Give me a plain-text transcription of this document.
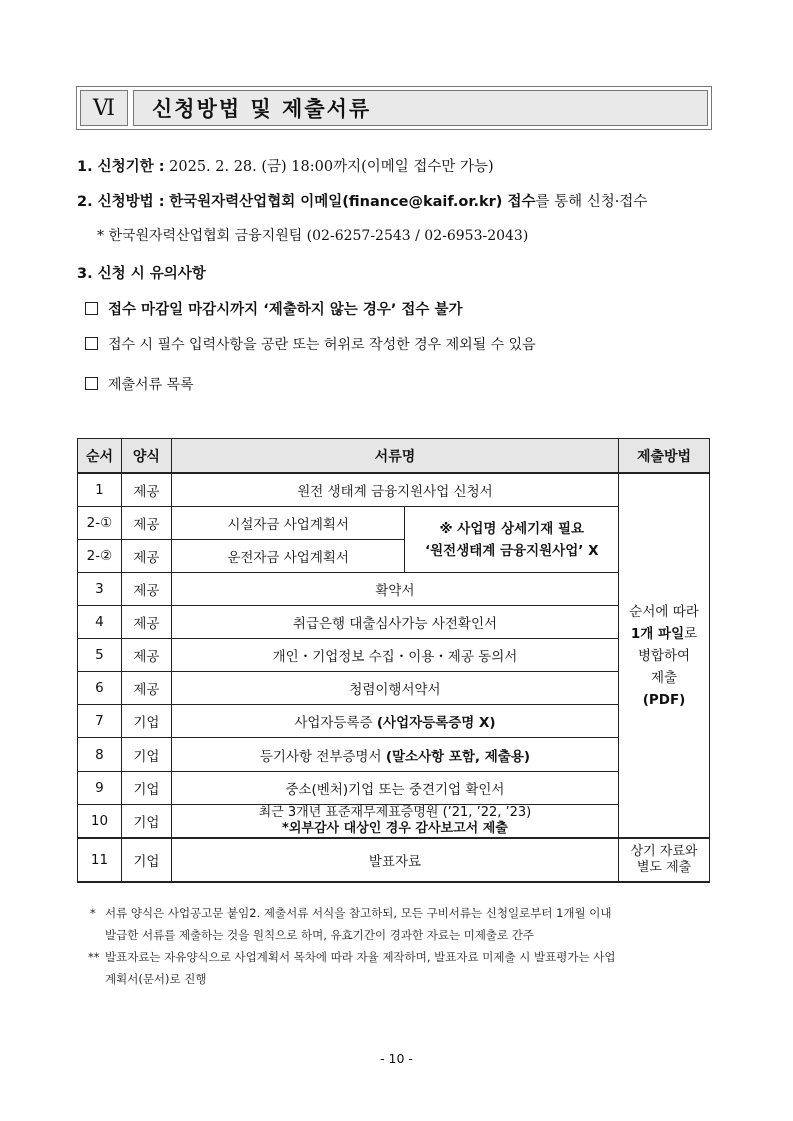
Ⅵ	신청방법 및 제출서류
1. 신청기한 : 2025. 2. 28. (금) 18:00까지(이메일 접수만 가능)
2. 신청방법 : 한국원자력산업협회 이메일(finance@kaif.or.kr) 접수를 통해 신청·접수
* 한국원자력산업협회 금융지원팀 (02-6257-2543 / 02-6953-2043)
3. 신청 시 유의사항
접수 마감일 마감시까지 ‘제출하지 않는 경우’ 접수 불가
접수 시 필수 입력사항을 공란 또는 허위로 작성한 경우 제외될 수 있음
제출서류 목록
순서	양식	서류명		제출방법
1	제공	원전 생태계 금융지원사업 신청서		순서에 따라
1개 파일로
병합하여
제출
(PDF)

2-①	제공	시설자금 사업계획서	※ 사업명 상세기재 필요
‘원전생태계 금융지원사업’ X	

2-②	제공	운전자금 사업계획서		
3	제공	확약서		
4	제공	취급은행 대출심사가능 사전확인서		
5	제공	개인・기업정보 수집・이용・제공 동의서		
6	제공	청렴이행서약서		
7	기업	사업자등록증 (사업자등록증명 X)		
8	기업	등기사항 전부증명서 (말소사항 포함, 제출용)		
9	기업	중소(벤처)기업 또는 중견기업 확인서		
10	기업	최근 3개년 표준재무제표증명원 (’21, ’22, ’23)
*외부감사 대상인 경우 감사보고서 제출		

11	기업	발표자료		상기 자료와
별도 제출
* 서류 양식은 사업공고문 붙임2. 제출서류 서식을 참고하되, 모든 구비서류는 신청일로부터 1개월 이내
발급한 서류를 제출하는 것을 원칙으로 하며, 유효기간이 경과한 자료는 미제출로 간주
** 발표자료는 자유양식으로 사업계획서 목차에 따라 자율 제작하며, 발표자료 미제출 시 발표평가는 사업
계획서(문서)로 진행
- 10 -
